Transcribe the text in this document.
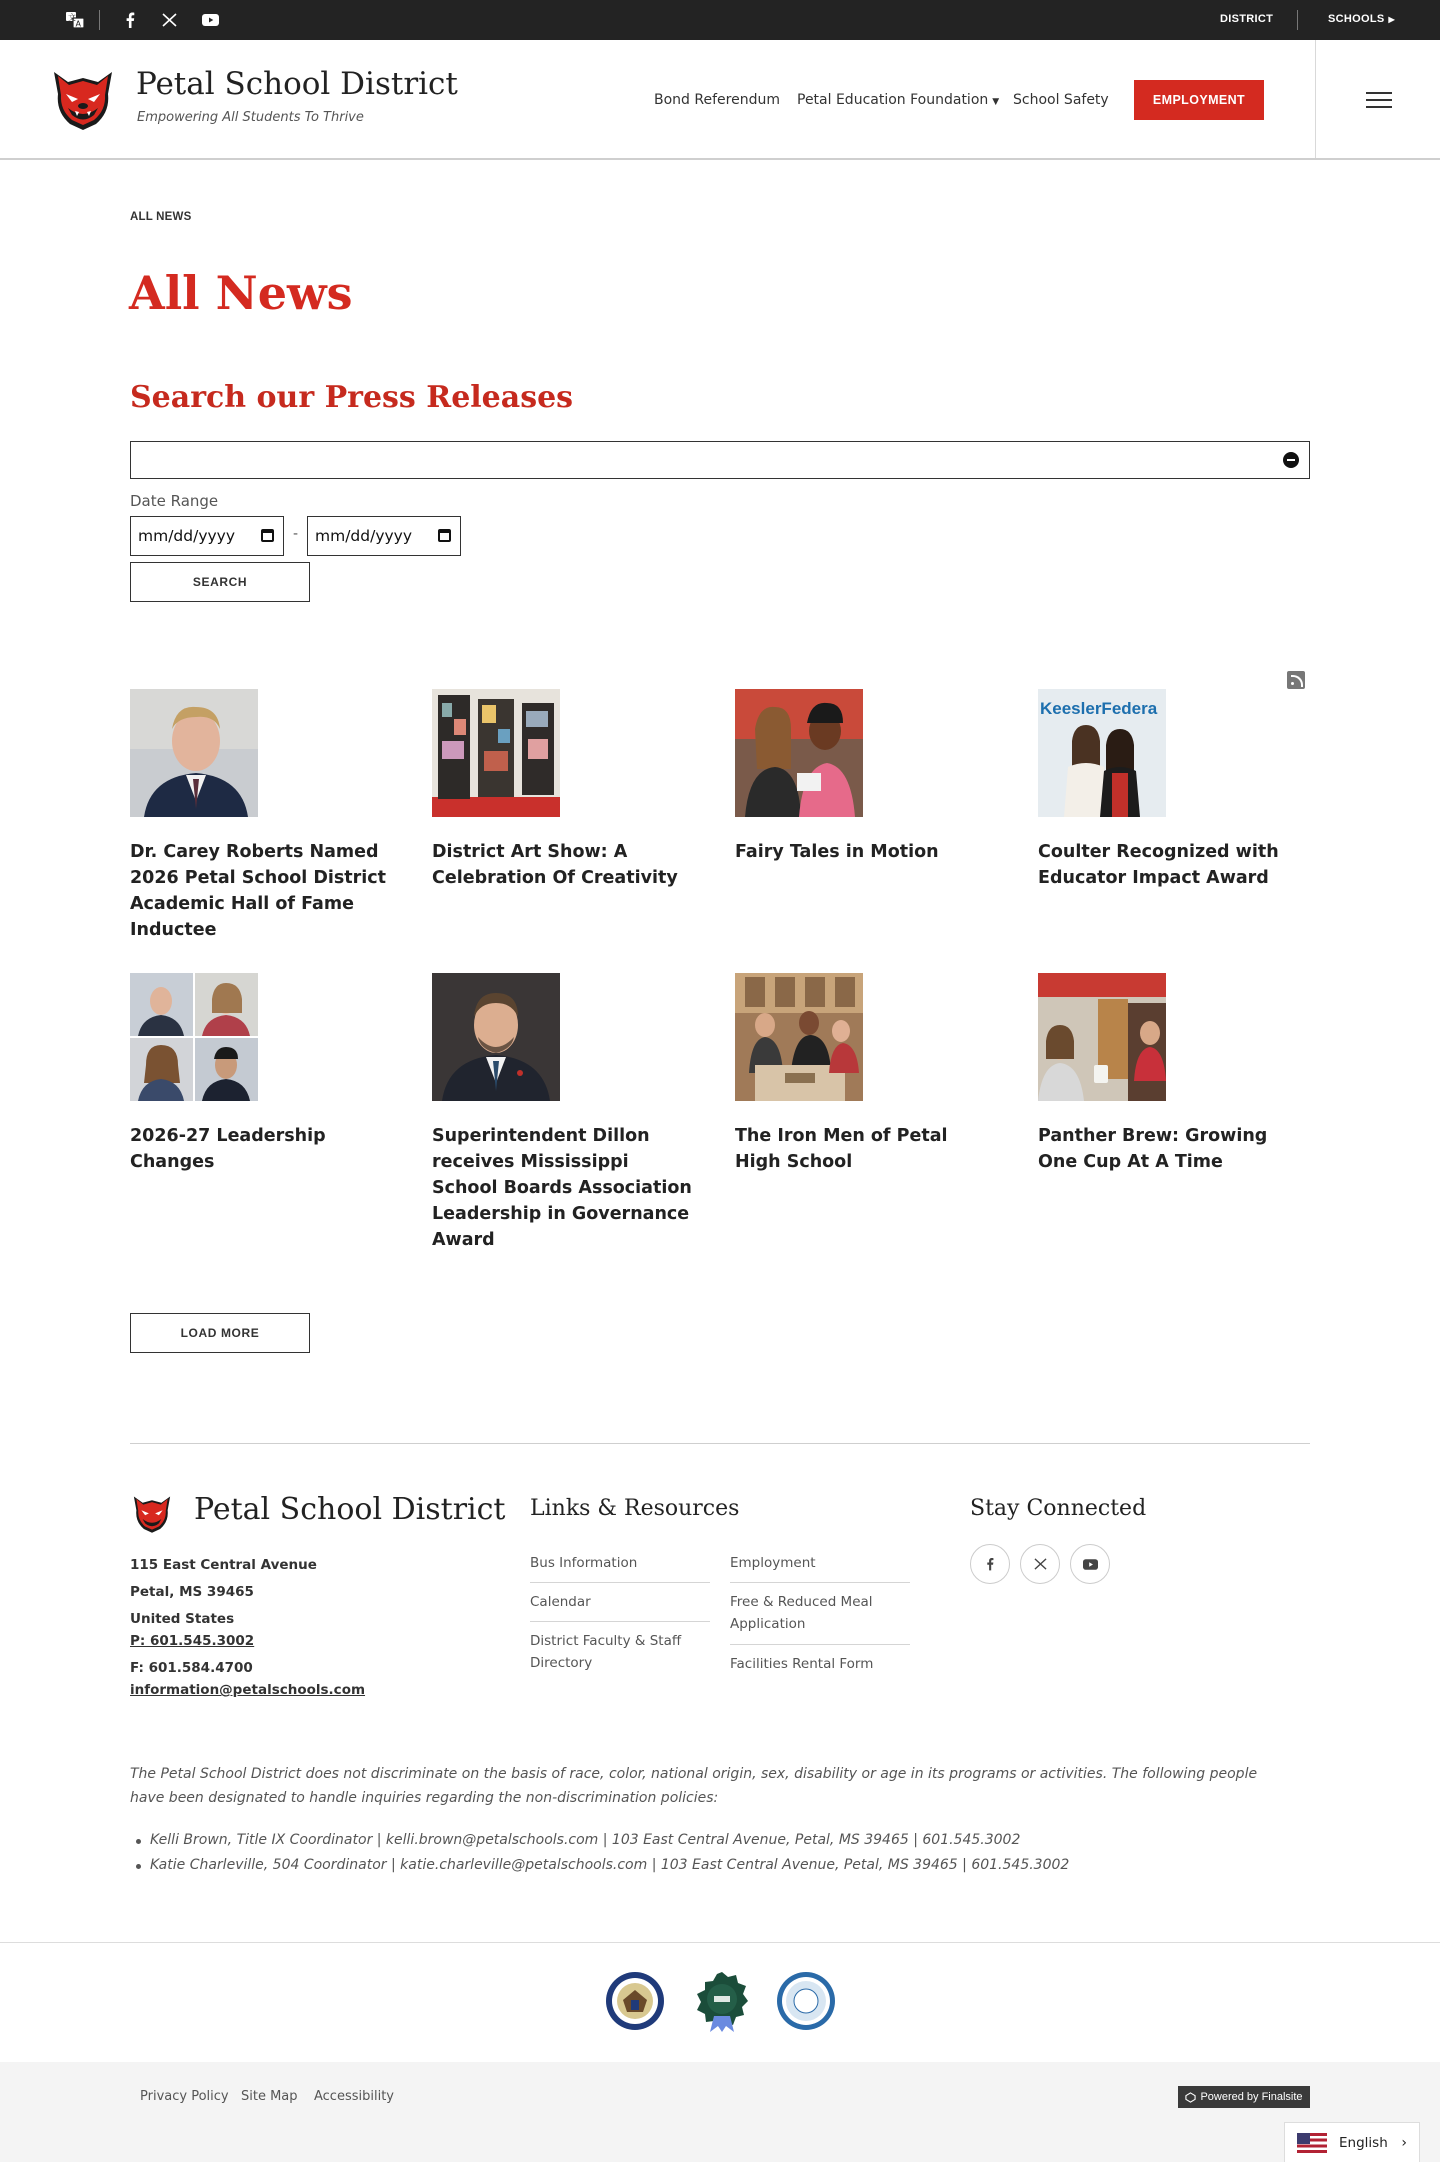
文
A	DISTRICT	SCHOOLS ▶
Petal School District
Empowering All Students To Thrive
Bond Referendum Petal Education Foundation ▼ School Safety	EMPLOYMENT
ALL NEWS
All News
Search our Press Releases
Date Range
mm/dd/yyyy	- mm/dd/yyyy
SEARCH
Dr. Carey Roberts Named 2026 Petal School District Academic Hall of Fame Inductee
District Art Show: A Celebration Of Creativity
Fairy Tales in Motion
KeeslerFedera
Coulter Recognized with Educator Impact Award
2026-27 Leadership Changes
Superintendent Dillon receives Mississippi School Boards Association Leadership in Governance Award
The Iron Men of Petal High School
Panther Brew: Growing One Cup At A Time
LOAD MORE
Petal School District
115 East Central Avenue
Petal, MS 39465
United States
P: 601.545.3002
F: 601.584.4700
information@petalschools.com
Links & Resources
Bus Information
Calendar
District Faculty & Staff Directory
Employment
Free & Reduced Meal Application
Facilities Rental Form
Stay Connected

The Petal School District does not discriminate on the basis of race, color, national origin, sex, disability or age in its programs or activities. The following people have been designated to handle inquiries regarding the non-discrimination policies:

Kelli Brown, Title IX Coordinator | kelli.brown@petalschools.com | 103 East Central Avenue, Petal, MS 39465 | 601.545.3002
Katie Charleville, 504 Coordinator | katie.charleville@petalschools.com | 103 East Central Avenue, Petal, MS 39465 | 601.545.3002
Privacy Policy Site Map Accessibility	Powered by Finalsite
English ›
